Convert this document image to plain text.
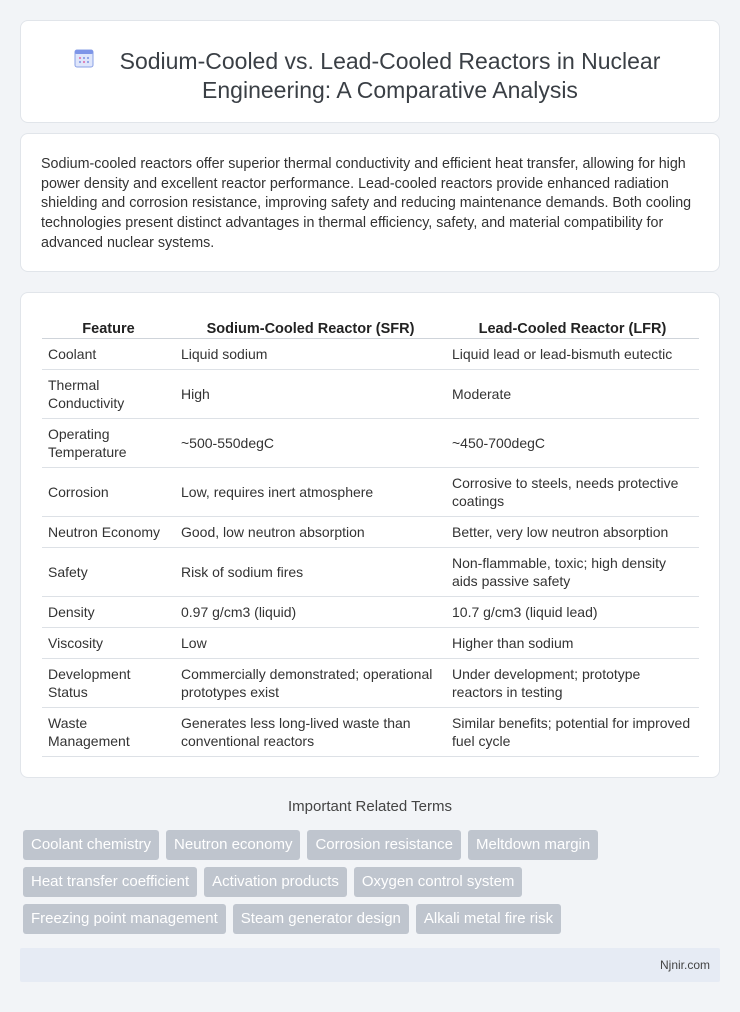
Sodium-Cooled vs. Lead-Cooled Reactors in Nuclear Engineering: A Comparative Analysis

Sodium-cooled reactors offer superior thermal conductivity and efficient heat transfer, allowing for high power density and excellent reactor performance. Lead-cooled reactors provide enhanced radiation shielding and corrosion resistance, improving safety and reducing maintenance demands. Both cooling technologies present distinct advantages in thermal efficiency, safety, and material compatibility for advanced nuclear systems.

Feature	Sodium-Cooled Reactor (SFR)	Lead-Cooled Reactor (LFR)
Coolant	Liquid sodium	Liquid lead or lead-bismuth eutectic
Thermal Conductivity	High	Moderate
Operating Temperature	~500-550degC	~450-700degC
Corrosion	Low, requires inert atmosphere	Corrosive to steels, needs protective coatings
Neutron Economy	Good, low neutron absorption	Better, very low neutron absorption
Safety	Risk of sodium fires	Non-flammable, toxic; high density aids passive safety
Density	0.97 g/cm3 (liquid)	10.7 g/cm3 (liquid lead)
Viscosity	Low	Higher than sodium
Development Status	Commercially demonstrated; operational prototypes exist	Under development; prototype reactors in testing
Waste Management	Generates less long-lived waste than conventional reactors	Similar benefits; potential for improved fuel cycle
Important Related Terms
Coolant chemistry	Neutron economy	Corrosion resistance	Meltdown margin
Heat transfer coefficient	Activation products	Oxygen control system
Freezing point management	Steam generator design	Alkali metal fire risk
Njnir.com
